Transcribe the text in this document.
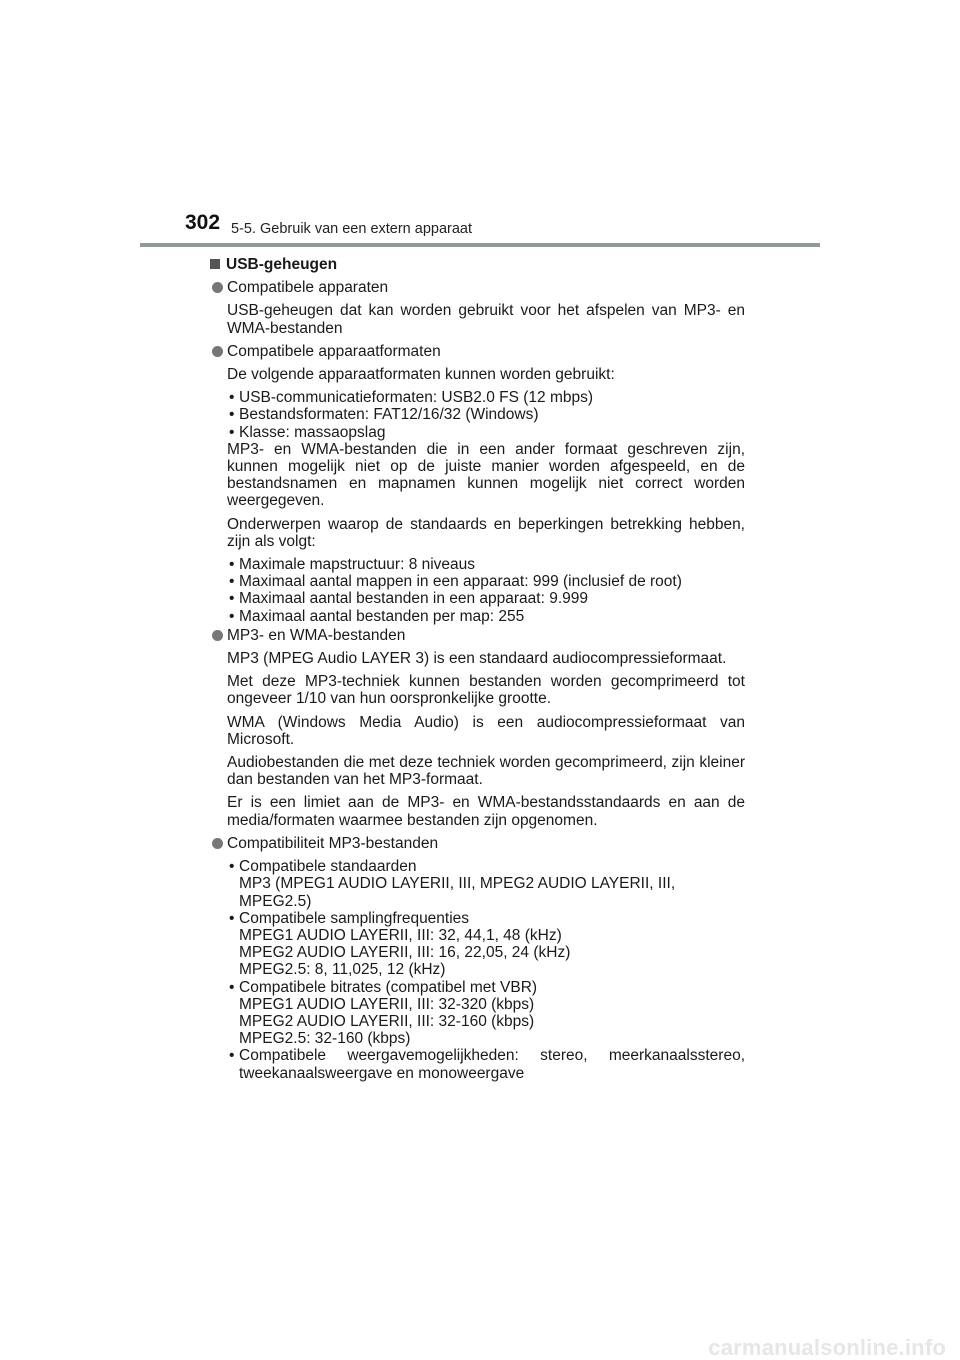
302 5-5. Gebruik van een extern apparaat
USB-geheugen
Compatibele apparaten
USB-geheugen dat kan worden gebruikt voor het afspelen van MP3- en WMA-bestanden
Compatibele apparaatformaten
De volgende apparaatformaten kunnen worden gebruikt:
• USB-communicatieformaten: USB2.0 FS (12 mbps)
• Bestandsformaten: FAT12/16/32 (Windows)
• Klasse: massaopslag
MP3- en WMA-bestanden die in een ander formaat geschreven zijn, kunnen mogelijk niet op de juiste manier worden afgespeeld, en de bestandsnamen en mapnamen kunnen mogelijk niet correct worden weergegeven.
Onderwerpen waarop de standaards en beperkingen betrekking hebben, zijn als volgt:
• Maximale mapstructuur: 8 niveaus
• Maximaal aantal mappen in een apparaat: 999 (inclusief de root)
• Maximaal aantal bestanden in een apparaat: 9.999
• Maximaal aantal bestanden per map: 255
MP3- en WMA-bestanden
MP3 (MPEG Audio LAYER 3) is een standaard audiocompressieformaat.
Met deze MP3-techniek kunnen bestanden worden gecomprimeerd tot ongeveer 1/10 van hun oorspronkelijke grootte.
WMA (Windows Media Audio) is een audiocompressieformaat van Microsoft.
Audiobestanden die met deze techniek worden gecomprimeerd, zijn kleiner dan bestanden van het MP3-formaat.
Er is een limiet aan de MP3- en WMA-bestandsstandaards en aan de media/formaten waarmee bestanden zijn opgenomen.
Compatibiliteit MP3-bestanden
• Compatibele standaarden
MP3 (MPEG1 AUDIO LAYERII, III, MPEG2 AUDIO LAYERII, III, MPEG2.5)
• Compatibele samplingfrequenties
MPEG1 AUDIO LAYERII, III: 32, 44,1, 48 (kHz)
MPEG2 AUDIO LAYERII, III: 16, 22,05, 24 (kHz)
MPEG2.5: 8, 11,025, 12 (kHz)
• Compatibele bitrates (compatibel met VBR)
MPEG1 AUDIO LAYERII, III: 32-320 (kbps)
MPEG2 AUDIO LAYERII, III: 32-160 (kbps)
MPEG2.5: 32-160 (kbps)
• Compatibele weergavemogelijkheden: stereo, meerkanaalsstereo,
tweekanaalsweergave en monoweergave
carmanualsonline.info
